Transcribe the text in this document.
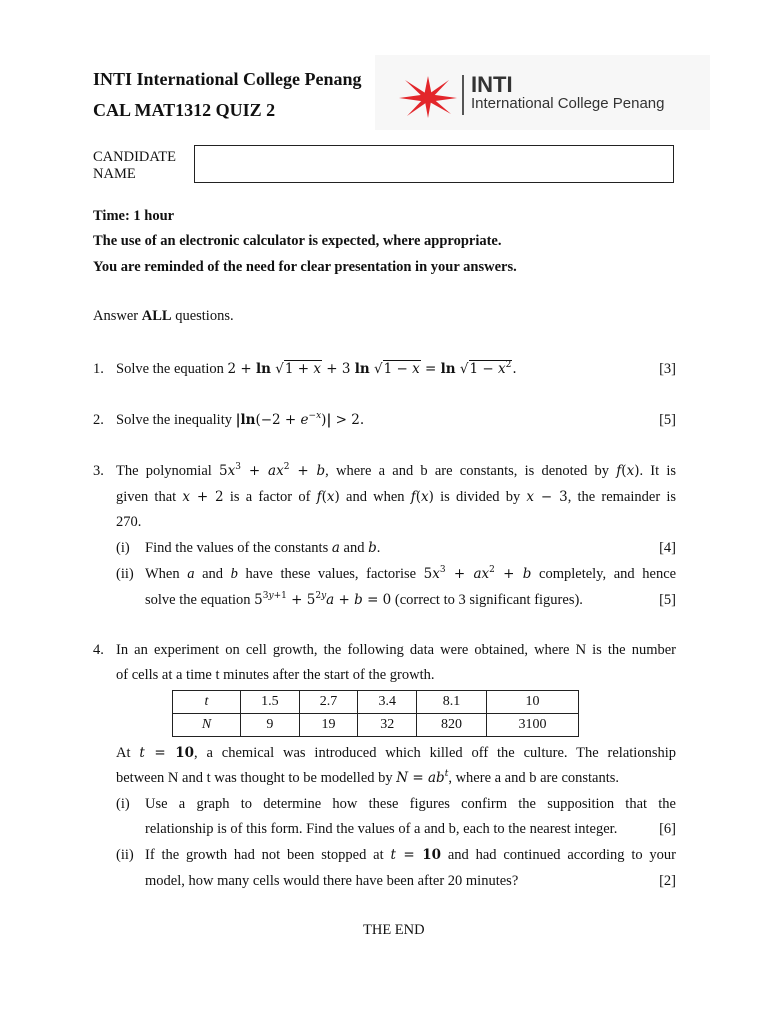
INTI International College Penang
CAL MAT1312 QUIZ 2
INTI
International College Penang
CANDIDATE
NAME
Time: 1 hour
The use of an electronic calculator is expected, where appropriate.
You are reminded of the need for clear presentation in your answers.
Answer ALL questions.
1. Solve the equation 2 + ln √1 + x + 3 $\ln √1 - x = \ln √1 - x^2$.	[3]
2. Solve the inequality $|\ln(-2 + e^{-x})| > 2$.	[5]
3. The polynomial $5x^3 + ax^2 + b$, where a and b are constants, is denoted by f(x). It is
given that x + 2 is a factor of f(x) and when f(x) is divided by x − 3, the remainder is
270.
(i) Find the values of the constants a and b.	[4]
(ii) When a and b have these values, factorise $5x^3 + ax^2 + b$ completely, and hence
solve the equation $5^{3y+1} + 5^{2y}a + b = 0$ (correct to 3 significant figures).	[5]
4. In an experiment on cell growth, the following data were obtained, where N is the number
of cells at a time t minutes after the start of the growth.
t	1.5	2.7	3.4	8.1	10
N	9	19	32	820	3100
At t = 10, a chemical was introduced which killed off the culture. The relationship
between N and t was thought to be modelled by $N = ab^t$, where a and b are constants.
(i) Use a graph to determine how these figures confirm the supposition that the
relationship is of this form. Find the values of a and b, each to the nearest integer.	[6]
(ii) If the growth had not been stopped at t = 10 and had continued according to your
model, how many cells would there have been after 20 minutes?	[2]
THE END
